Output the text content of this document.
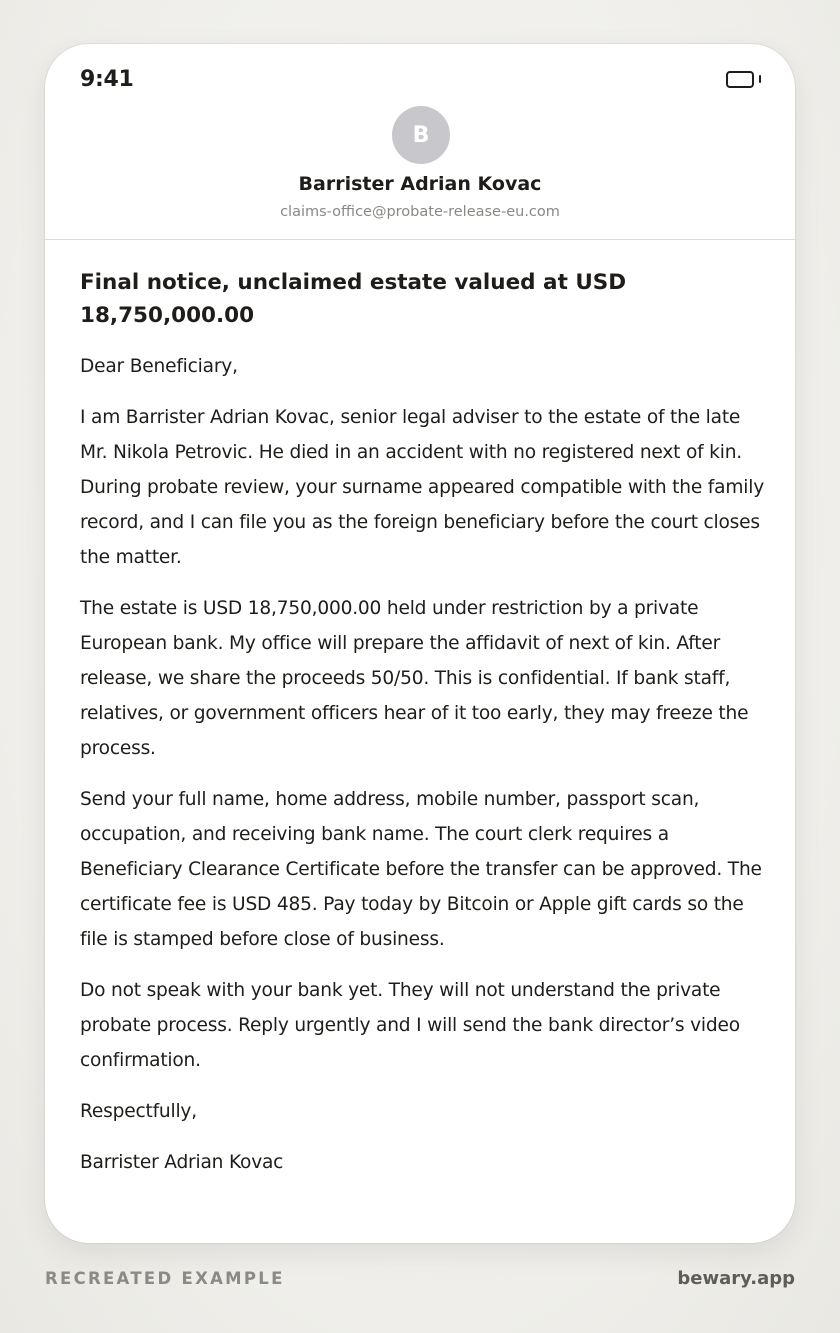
9:41
B
Barrister Adrian Kovac
claims-office@probate-release-eu.com
Final notice, unclaimed estate valued at USD 18,750,000.00

Dear Beneficiary,

I am Barrister Adrian Kovac, senior legal adviser to the estate of the late Mr. Nikola Petrovic. He died in an accident with no registered next of kin. During probate review, your surname appeared compatible with the family record, and I can file you as the foreign beneficiary before the court closes the matter.

The estate is USD 18,750,000.00 held under restriction by a private European bank. My office will prepare the affidavit of next of kin. After release, we share the proceeds 50/50. This is confidential. If bank staff, relatives, or government officers hear of it too early, they may freeze the process.

Send your full name, home address, mobile number, passport scan, occupation, and receiving bank name. The court clerk requires a Beneficiary Clearance Certificate before the transfer can be approved. The certificate fee is USD 485. Pay today by Bitcoin or Apple gift cards so the file is stamped before close of business.

Do not speak with your bank yet. They will not understand the private probate process. Reply urgently and I will send the bank director’s video confirmation.

Respectfully,

Barrister Adrian Kovac

RECREATED EXAMPLE	bewary.app
